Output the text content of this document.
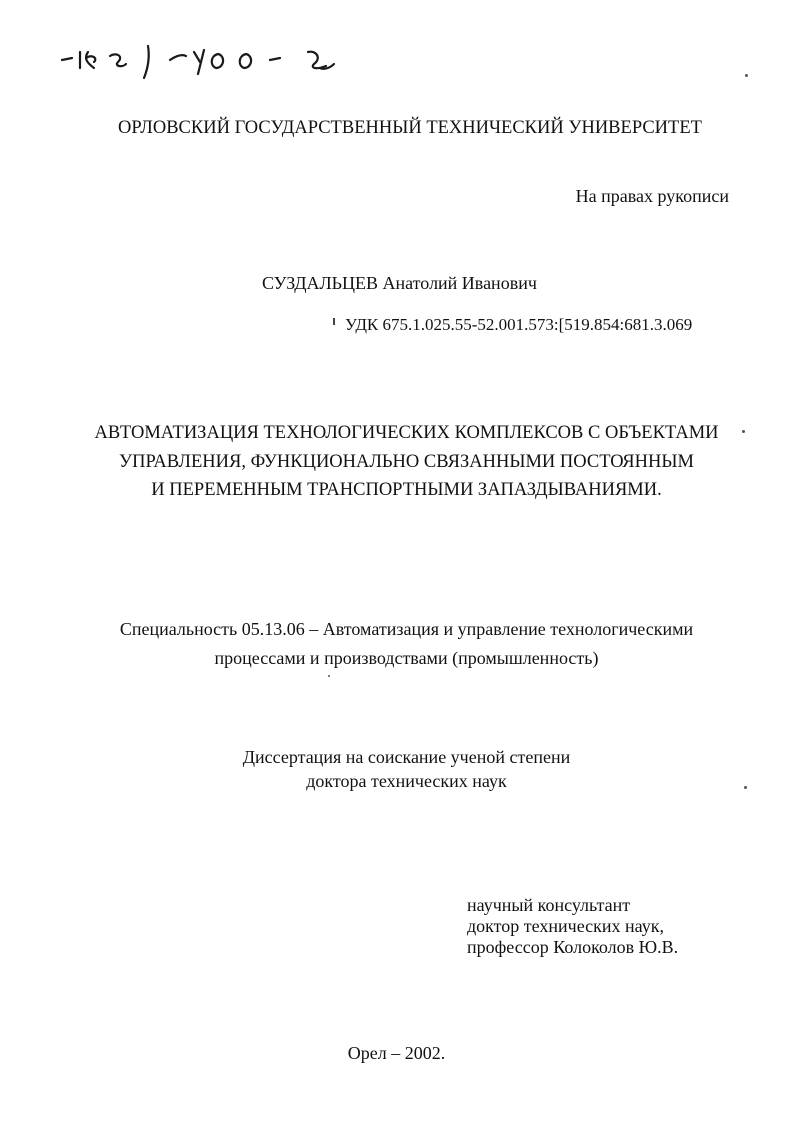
ОРЛОВСКИЙ ГОСУДАРСТВЕННЫЙ ТЕХНИЧЕСКИЙ УНИВЕРСИТЕТ
На правах рукописи
СУЗДАЛЬЦЕВ Анатолий Иванович
УДК 675.1.025.55-52.001.573:[519.854:681.3.069
АВТОМАТИЗАЦИЯ ТЕХНОЛОГИЧЕСКИХ КОМПЛЕКСОВ С ОБЪЕКТАМИ
УПРАВЛЕНИЯ, ФУНКЦИОНАЛЬНО СВЯЗАННЫМИ ПОСТОЯННЫМ
И ПЕРЕМЕННЫМ ТРАНСПОРТНЫМИ ЗАПАЗДЫВАНИЯМИ.
Специальность 05.13.06 – Автоматизация и управление технологическими
процессами и производствами (промышленность)
Диссертация на соискание ученой степени
доктора технических наук
научный консультант
доктор технических наук,
профессор Колоколов Ю.В.
Орел – 2002.
